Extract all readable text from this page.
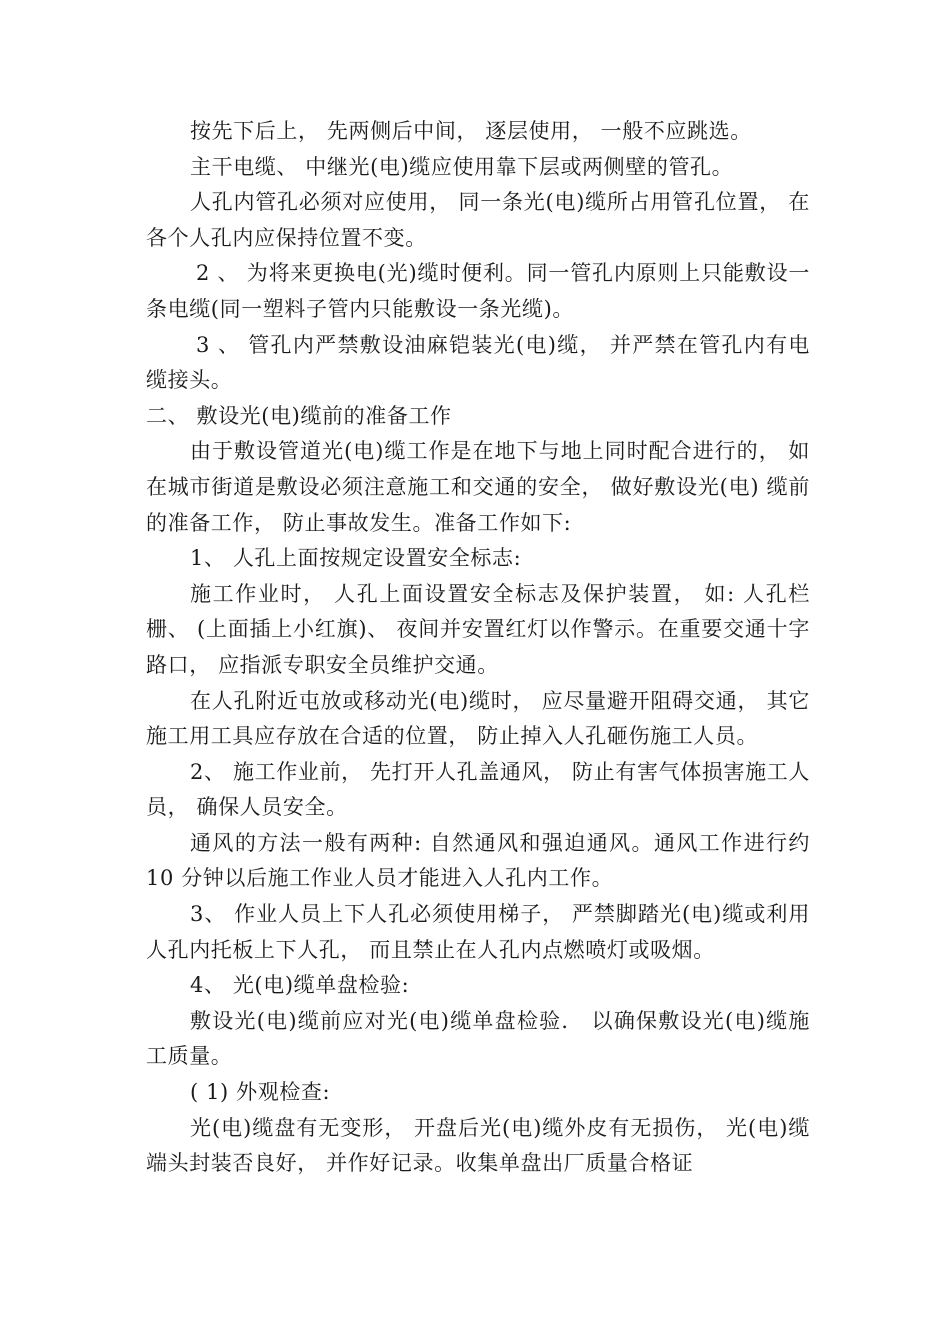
按先下后上， 先两侧后中间， 逐层使用， 一般不应跳选。

主干电缆、 中继光(电)缆应使用靠下层或两侧壁的管孔。

人孔内管孔必须对应使用， 同一条光(电)缆所占用管孔位置， 在各个人孔内应保持位置不变。

2 、 为将来更换电(光)缆时便利。同一管孔内原则上只能敷设一条电缆(同一塑料子管内只能敷设一条光缆)。

3 、 管孔内严禁敷设油麻铠装光(电)缆， 并严禁在管孔内有电缆接头。

二、 敷设光(电)缆前的准备工作

由于敷设管道光(电)缆工作是在地下与地上同时配合进行的， 如在城市街道是敷设必须注意施工和交通的安全， 做好敷设光(电) 缆前的准备工作， 防止事故发生。准备工作如下:

1、 人孔上面按规定设置安全标志:

施工作业时， 人孔上面设置安全标志及保护装置， 如: 人孔栏栅、 (上面插上小红旗)、 夜间并安置红灯以作警示。在重要交通十字路口， 应指派专职安全员维护交通。

在人孔附近屯放或移动光(电)缆时， 应尽量避开阻碍交通， 其它施工用工具应存放在合适的位置， 防止掉入人孔砸伤施工人员。

2、 施工作业前， 先打开人孔盖通风， 防止有害气体损害施工人员， 确保人员安全。

通风的方法一般有两种: 自然通风和强迫通风。通风工作进行约 10 分钟以后施工作业人员才能进入人孔内工作。

3、 作业人员上下人孔必须使用梯子， 严禁脚踏光(电)缆或利用人孔内托板上下人孔， 而且禁止在人孔内点燃喷灯或吸烟。

4、 光(电)缆单盘检验:

敷设光(电)缆前应对光(电)缆单盘检验． 以确保敷设光(电)缆施工质量。

( 1) 外观检查:

光(电)缆盘有无变形， 开盘后光(电)缆外皮有无损伤， 光(电)缆端头封装否良好， 并作好记录。收集单盘出厂质量合格证
